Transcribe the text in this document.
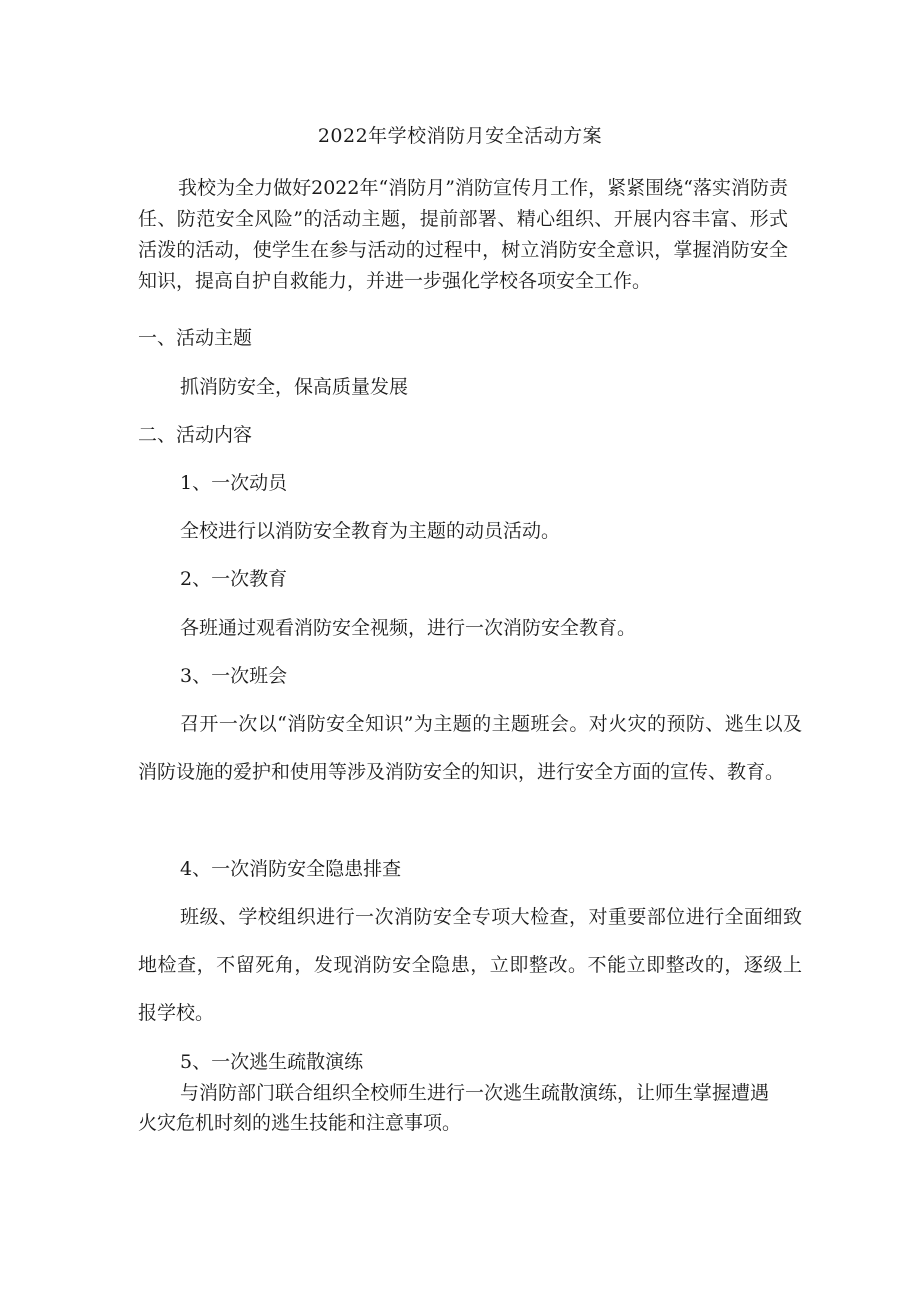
2022年学校消防月安全活动方案
我校为全力做好2022年“消防月”消防宣传月工作，紧紧围绕“落实消防责任、防范安全风险”的活动主题，提前部署、精心组织、开展内容丰富、形式活泼的活动，使学生在参与活动的过程中，树立消防安全意识，掌握消防安全知识，提高自护自救能力，并进一步强化学校各项安全工作。
一、活动主题
抓消防安全，保高质量发展
二、活动内容
1、一次动员
全校进行以消防安全教育为主题的动员活动。
2、一次教育
各班通过观看消防安全视频，进行一次消防安全教育。
3、一次班会
召开一次以“消防安全知识”为主题的主题班会。对火灾的预防、逃生以及消防设施的爱护和使用等涉及消防安全的知识，进行安全方面的宣传、教育。
4、一次消防安全隐患排查
班级、学校组织进行一次消防安全专项大检查，对重要部位进行全面细致地检查，不留死角，发现消防安全隐患，立即整改。不能立即整改的，逐级上报学校。
5、一次逃生疏散演练
与消防部门联合组织全校师生进行一次逃生疏散演练，让师生掌握遭遇火灾危机时刻的逃生技能和注意事项。
